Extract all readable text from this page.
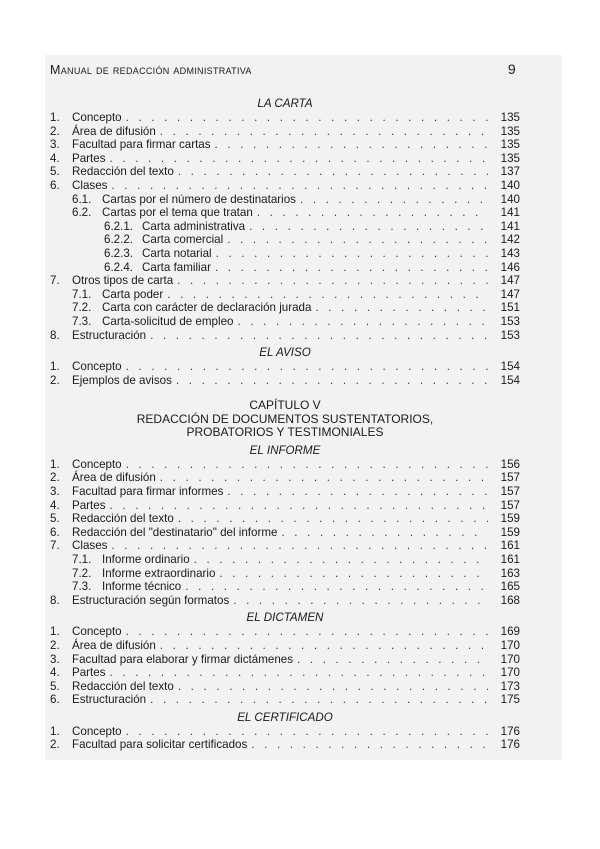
Manual de redacción administrativa	9
LA CARTA
1.	Concepto . . .	135
2.	Área de difusión . . .	135
3.	Facultad para firmar cartas . . .	135
4.	Partes . . .	135
5.	Redacción del texto . . .	137
6.	Clases . . .	140
6.1. Cartas por el número de destinatarios . . .	140
6.2. Cartas por el tema que tratan . . .	141
6.2.1. Carta administrativa . . .	141
6.2.2. Carta comercial . . .	142
6.2.3. Carta notarial . . .	143
6.2.4. Carta familiar . . .	146
7.	Otros tipos de carta . . .	147
7.1. Carta poder . . .	147
7.2. Carta con carácter de declaración jurada . . .	151
7.3. Carta-solicitud de empleo . . .	153
8.	Estructuración . . .	153
EL AVISO
1.	Concepto . . .	154
2.	Ejemplos de avisos . . .	154
CAPÍTULO V
REDACCIÓN DE DOCUMENTOS SUSTENTATORIOS,
PROBATORIOS Y TESTIMONIALES
EL INFORME
1.	Concepto . . .	156
2.	Área de difusión . . .	157
3.	Facultad para firmar informes . . .	157
4.	Partes . . .	157
5.	Redacción del texto . . .	159
6.	Redacción del "destinatario" del informe . . .	159
7.	Clases . . .	161
7.1. Informe ordinario . . .	161
7.2. Informe extraordinario . . .	163
7.3. Informe técnico . . .	165
8.	Estructuración según formatos . . .	168
EL DICTAMEN
1.	Concepto . . .	169
2.	Área de difusión . . .	170
3.	Facultad para elaborar y firmar dictámenes . . .	170
4.	Partes . . .	170
5.	Redacción del texto . . .	173
6.	Estructuración . . .	175
EL CERTIFICADO
1.	Concepto . . .	176
2.	Facultad para solicitar certificados . . .	176
